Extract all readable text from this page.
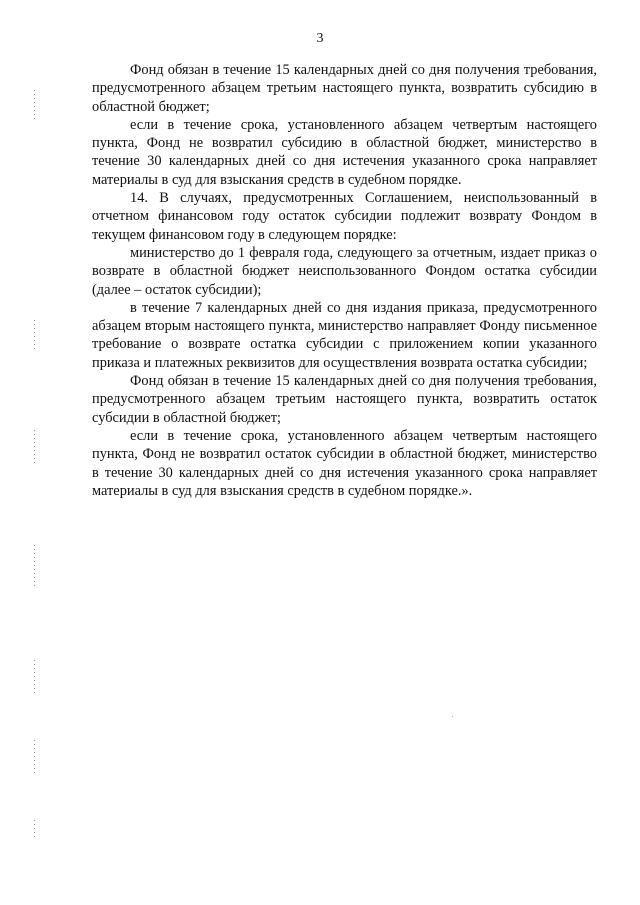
3

Фонд обязан в течение 15 календарных дней со дня получения требования, предусмотренного абзацем третьим настоящего пункта, возвратить субсидию в областной бюджет;

если в течение срока, установленного абзацем четвертым настоящего пункта, Фонд не возвратил субсидию в областной бюджет, министерство в течение 30 календарных дней со дня истечения указанного срока направляет материалы в суд для взыскания средств в судебном порядке.

14. В случаях, предусмотренных Соглашением, неиспользованный в отчетном финансовом году остаток субсидии подлежит возврату Фондом в текущем финансовом году в следующем порядке:

министерство до 1 февраля года, следующего за отчетным, издает приказ о возврате в областной бюджет неиспользованного Фондом остатка субсидии (далее – остаток субсидии);

в течение 7 календарных дней со дня издания приказа, предусмотренного абзацем вторым настоящего пункта, министерство направляет Фонду письменное требование о возврате остатка субсидии с приложением копии указанного приказа и платежных реквизитов для осуществления возврата остатка субсидии;

Фонд обязан в течение 15 календарных дней со дня получения требования, предусмотренного абзацем третьим настоящего пункта, возвратить остаток субсидии в областной бюджет;

если в течение срока, установленного абзацем четвертым настоящего пункта, Фонд не возвратил остаток субсидии в областной бюджет, министерство в течение 30 календарных дней со дня истечения указанного срока направляет материалы в суд для взыскания средств в судебном порядке.».
